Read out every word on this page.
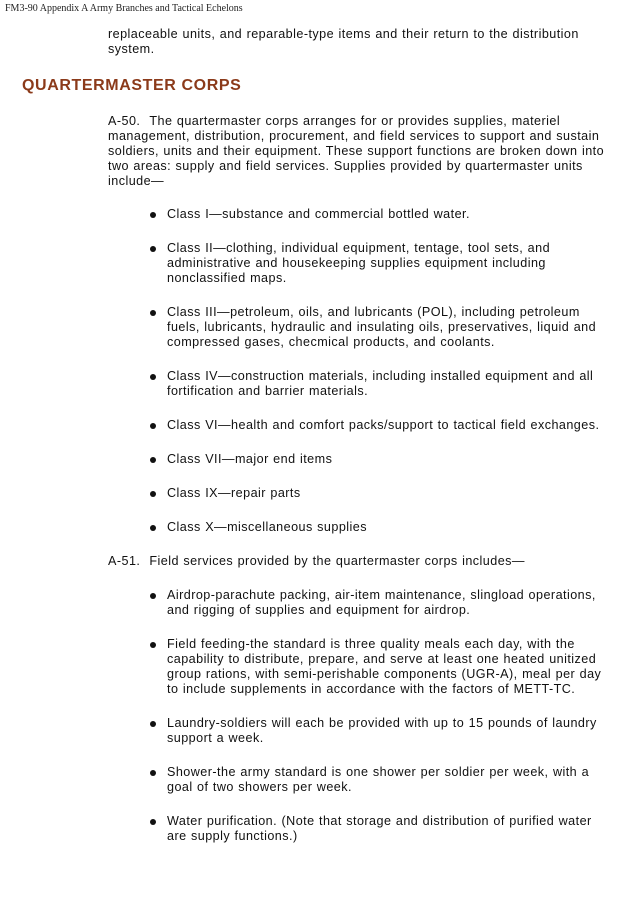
FM3-90 Appendix A Army Branches and Tactical Echelons
replaceable units, and reparable-type items and their return to the distribution system.
QUARTERMASTER CORPS
A-50. The quartermaster corps arranges for or provides supplies, materiel management, distribution, procurement, and field services to support and sustain soldiers, units and their equipment. These support functions are broken down into two areas: supply and field services. Supplies provided by quartermaster units include—
Class I—substance and commercial bottled water.
Class II—clothing, individual equipment, tentage, tool sets, and administrative and housekeeping supplies equipment including nonclassified maps.
Class III—petroleum, oils, and lubricants (POL), including petroleum fuels, lubricants, hydraulic and insulating oils, preservatives, liquid and compressed gases, checmical products, and coolants.
Class IV—construction materials, including installed equipment and all fortification and barrier materials.
Class VI—health and comfort packs/support to tactical field exchanges.
Class VII—major end items
Class IX—repair parts
Class X—miscellaneous supplies
A-51. Field services provided by the quartermaster corps includes—
Airdrop-parachute packing, air-item maintenance, slingload operations, and rigging of supplies and equipment for airdrop.
Field feeding-the standard is three quality meals each day, with the capability to distribute, prepare, and serve at least one heated unitized group rations, with semi-perishable components (UGR-A), meal per day to include supplements in accordance with the factors of METT-TC.
Laundry-soldiers will each be provided with up to 15 pounds of laundry support a week.
Shower-the army standard is one shower per soldier per week, with a goal of two showers per week.
Water purification. (Note that storage and distribution of purified water are supply functions.)
